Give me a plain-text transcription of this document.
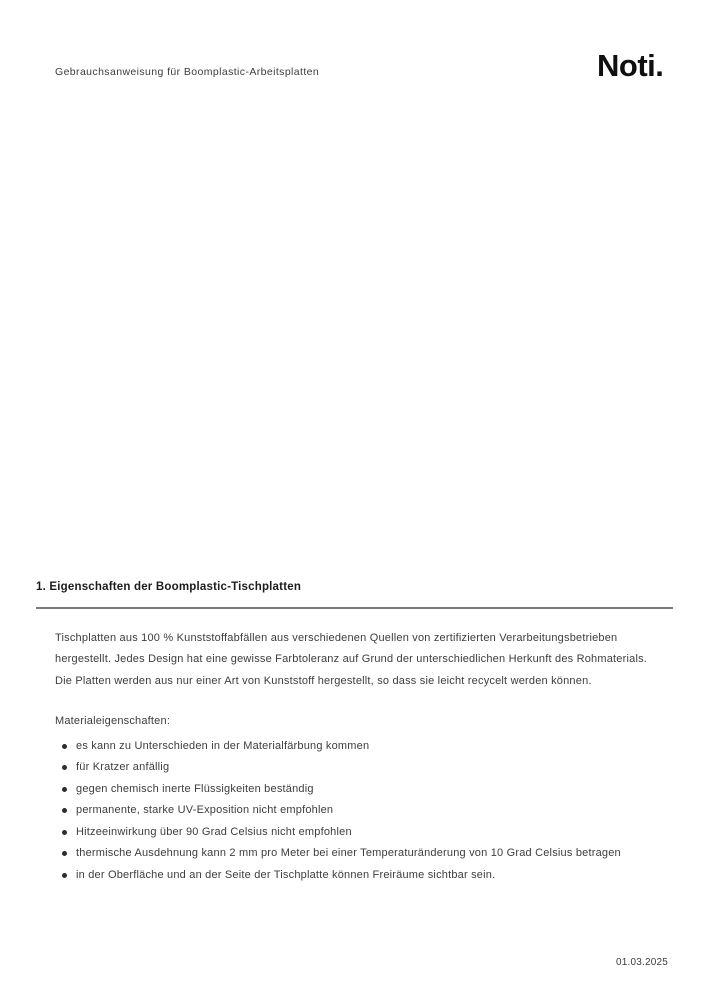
Gebrauchsanweisung für Boomplastic-Arbeitsplatten	Noti.
1. Eigenschaften der Boomplastic-Tischplatten
Tischplatten aus 100 % Kunststoffabfällen aus verschiedenen Quellen von zertifizierten Verarbeitungsbetrieben
hergestellt. Jedes Design hat eine gewisse Farbtoleranz auf Grund der unterschiedlichen Herkunft des Rohmaterials.
Die Platten werden aus nur einer Art von Kunststoff hergestellt, so dass sie leicht recycelt werden können.
Materialeigenschaften:
es kann zu Unterschieden in der Materialfärbung kommen
für Kratzer anfällig
gegen chemisch inerte Flüssigkeiten beständig
permanente, starke UV-Exposition nicht empfohlen
Hitzeeinwirkung über 90 Grad Celsius nicht empfohlen
thermische Ausdehnung kann 2 mm pro Meter bei einer Temperaturänderung von 10 Grad Celsius betragen
in der Oberfläche und an der Seite der Tischplatte können Freiräume sichtbar sein.
01.03.2025
